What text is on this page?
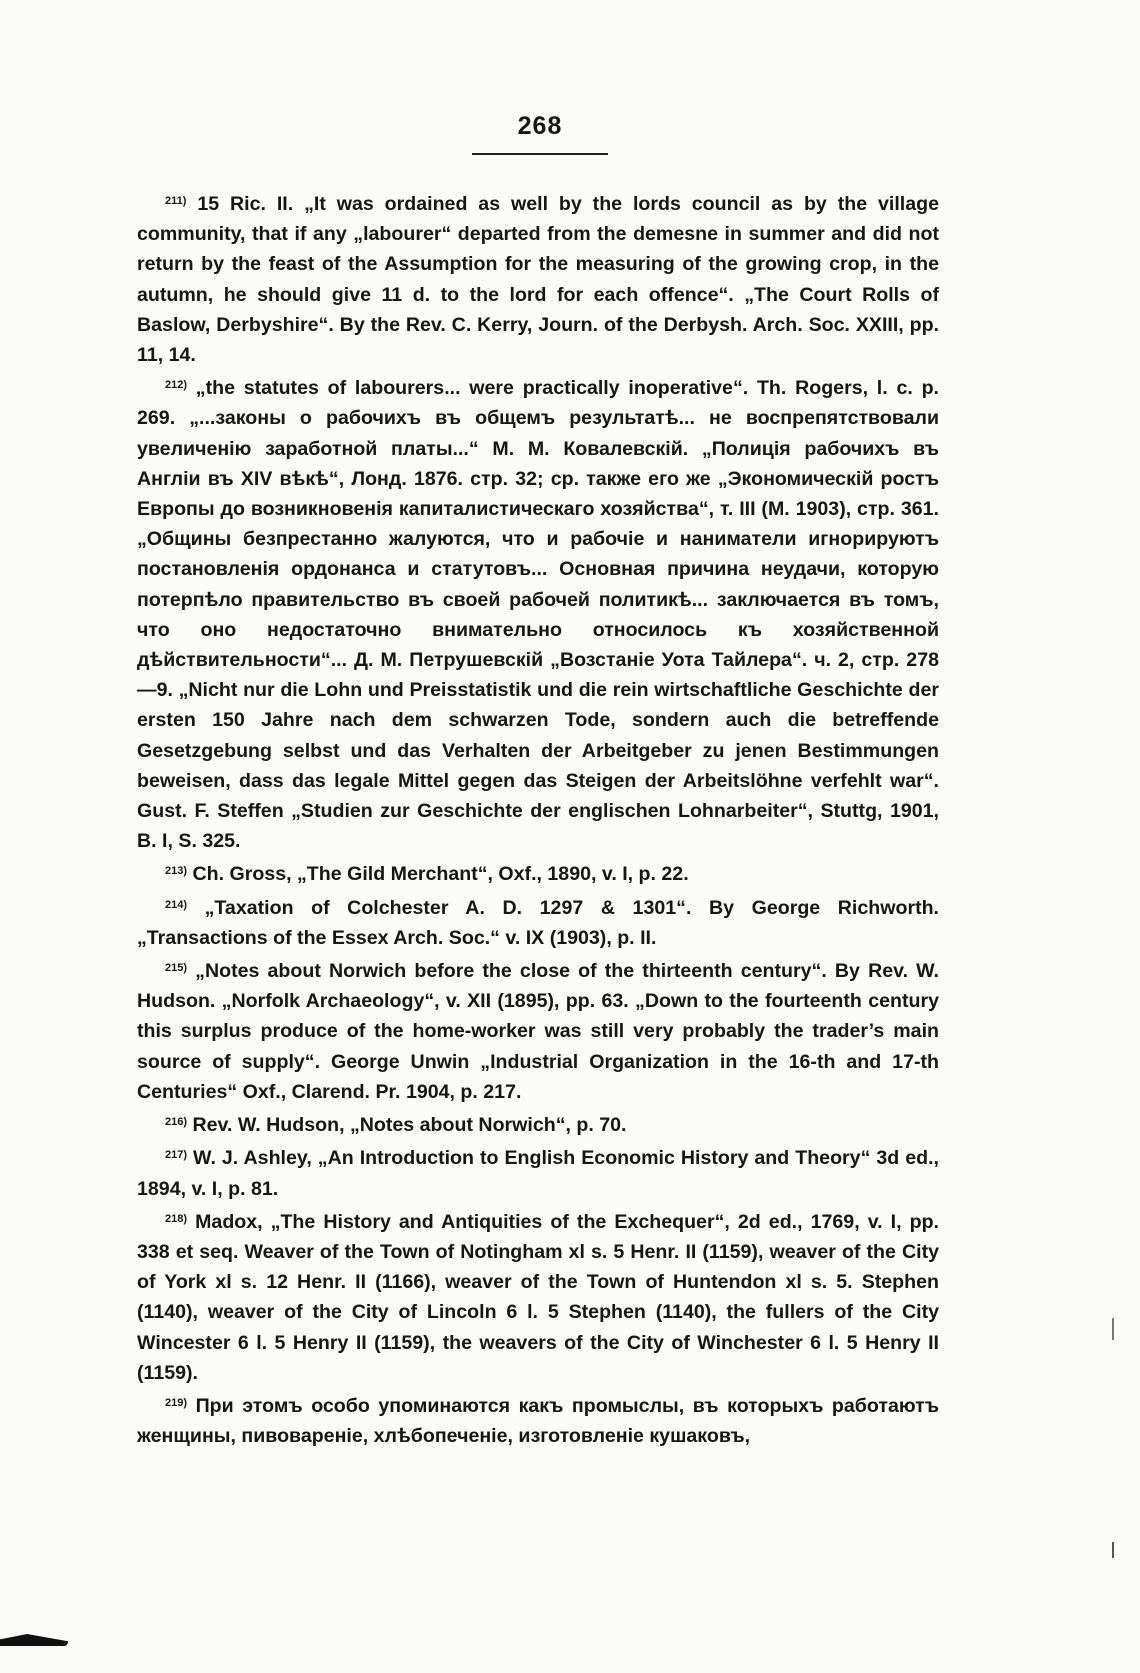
268

$^{211)}$ 15 Ric. II. „It was ordained as well by the lords council as by the village community, that if any „labourer“ departed from the demesne in summer and did not return by the feast of the Assumption for the measuring of the growing crop, in the autumn, he should give 11 d. to the lord for each offence“. „The Court Rolls of Baslow, Derbyshire“. By the Rev. C. Kerry, Journ. of the Derbysh. Arch. Soc. XXIII, pp. 11, 14.

$^{212)}$ „the statutes of labourers... were practically inoperative“. Th. Rogers, l. c. p. 269. „...законы о рабочихъ въ общемъ результатѣ... не воспрепятствовали увеличенію заработной платы...“ М. М. Ковалевскій. „Полиція рабочихъ въ Англіи въ XIV вѣкѣ“, Лонд. 1876. стр. 32; ср. также его же „Экономическій ростъ Европы до возникновенія капиталистическаго хозяйства“, т. III (М. 1903), стр. 361. „Общины безпрестанно жалуются, что и рабочіе и наниматели игнорируютъ постановленія ордонанса и статутовъ... Основная причина неудачи, которую потерпѣло правительство въ своей рабочей политикѣ... заключается въ томъ, что оно недостаточно внимательно относилось къ хозяйственной дѣйствительности“... Д. М. Петрушевскій „Возстаніе Уота Тайлера“. ч. 2, стр. 278—9. „Nicht nur die Lohn und Preisstatistik und die rein wirtschaftliche Geschichte der ersten 150 Jahre nach dem schwarzen Tode, sondern auch die betreffende Gesetzgebung selbst und das Verhalten der Arbeitgeber zu jenen Bestimmungen beweisen, dass das legale Mittel gegen das Steigen der Arbeitslöhne verfehlt war“. Gust. F. Steffen „Studien zur Geschichte der englischen Lohnarbeiter“, Stuttg, 1901, B. I, S. 325.

$^{213)}$ Ch. Gross, „The Gild Merchant“, Oxf., 1890, v. I, p. 22.

$^{214)}$ „Taxation of Colchester A. D. 1297 & 1301“. By George Richworth. „Transactions of the Essex Arch. Soc.“ v. IX (1903), p. II.

$^{215)}$ „Notes about Norwich before the close of the thirteenth century“. By Rev. W. Hudson. „Norfolk Archaeology“, v. XII (1895), pp. 63. „Down to the fourteenth century this surplus produce of the home-worker was still very probably the trader’s main source of supply“. George Unwin „Industrial Organization in the 16-th and 17-th Centuries“ Oxf., Clarend. Pr. 1904, p. 217.

$^{216)}$ Rev. W. Hudson, „Notes about Norwich“, p. 70.

$^{217)}$ W. J. Ashley, „An Introduction to English Economic History and Theory“ 3d ed., 1894, v. I, p. 81.

$^{218)}$ Madox, „The History and Antiquities of the Exchequer“, 2d ed., 1769, v. I, pp. 338 et seq. Weaver of the Town of Notingham xl s. 5 Henr. II (1159), weaver of the City of York xl s. 12 Henr. II (1166), weaver of the Town of Huntendon xl s. 5. Stephen (1140), weaver of the City of Lincoln 6 l. 5 Stephen (1140), the fullers of the City Wincester 6 l. 5 Henry II (1159), the weavers of the City of Winchester 6 l. 5 Henry II (1159).

$^{219)}$ При этомъ особо упоминаются какъ промыслы, въ которыхъ работаютъ женщины, пивовареніе, хлѣбопеченіе, изготовленіе кушаковъ,
